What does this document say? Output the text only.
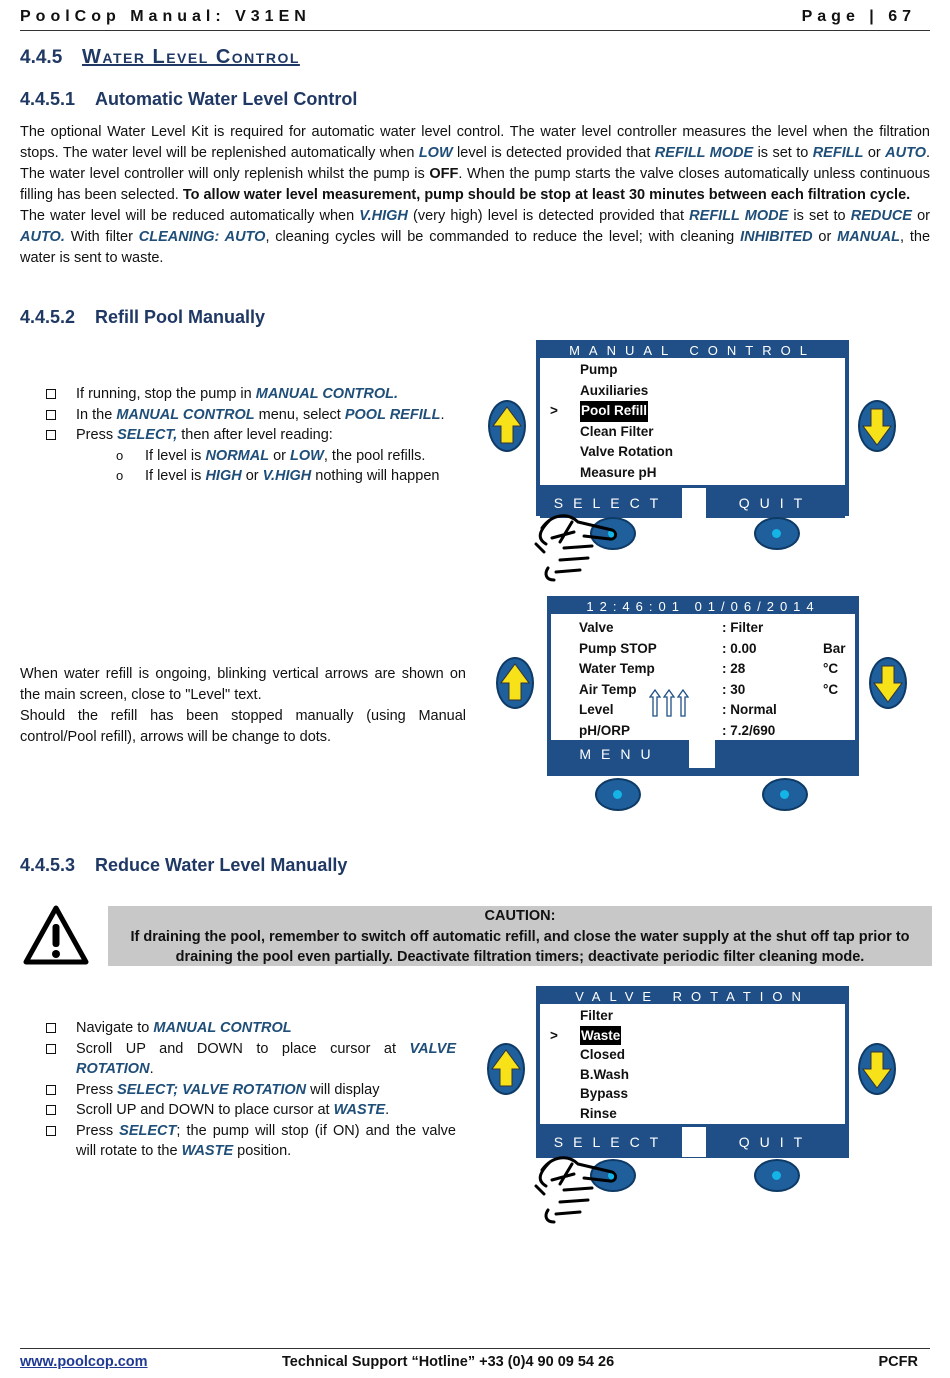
PoolCop Manual: V31EN	Page | 67
4.4.5 Water Level Control
4.4.5.1 Automatic Water Level Control
The optional Water Level Kit is required for automatic water level control. The water level controller measures the level when the filtration stops. The water level will be replenished automatically when LOW level is detected provided that REFILL MODE is set to REFILL or AUTO. The water level controller will only replenish whilst the pump is OFF. When the pump starts the valve closes automatically unless continuous filling has been selected. To allow water level measurement, pump should be stop at least 30 minutes between each filtration cycle.
The water level will be reduced automatically when V.HIGH (very high) level is detected provided that REFILL MODE is set to REDUCE or AUTO. With filter CLEANING: AUTO, cleaning cycles will be commanded to reduce the level; with cleaning INHIBITED or MANUAL, the water is sent to waste.
4.4.5.2 Refill Pool Manually
If running, stop the pump in MANUAL CONTROL.
In the MANUAL CONTROL menu, select POOL REFILL.
Press SELECT, then after level reading:
o If level is NORMAL or LOW, the pool refills.
o If level is HIGH or V.HIGH nothing will happen
MANUAL CONTROL
Pump
Auxiliaries
> Pool Refill
Clean Filter
Valve Rotation
Measure pH
SELECT	QUIT
When water refill is ongoing, blinking vertical arrows are shown on the main screen, close to "Level" text.
Should the refill has been stopped manually (using Manual control/Pool refill), arrows will be change to dots.
12:46:01 01/06/2014
Valve	: Filter
Pump STOP	: 0.00	Bar
Water Temp	: 28	°C
Air Temp	: 30	°C
Level	: Normal
pH/ORP	: 7.2/690
MENU
4.4.5.3 Reduce Water Level Manually
CAUTION:
If draining the pool, remember to switch off automatic refill, and close the water supply at the shut off tap prior to draining the pool even partially. Deactivate filtration timers; deactivate periodic filter cleaning mode.
Navigate to MANUAL CONTROL
Scroll UP and DOWN to place cursor at VALVE ROTATION.
Press SELECT; VALVE ROTATION will display
Scroll UP and DOWN to place cursor at WASTE.
Press SELECT; the pump will stop (if ON) and the valve will rotate to the WASTE position.
VALVE ROTATION
Filter
> Waste
Closed
B.Wash
Bypass
Rinse
SELECT	QUIT
www.poolcop.com	Technical Support “Hotline” +33 (0)4 90 09 54 26	PCFR
